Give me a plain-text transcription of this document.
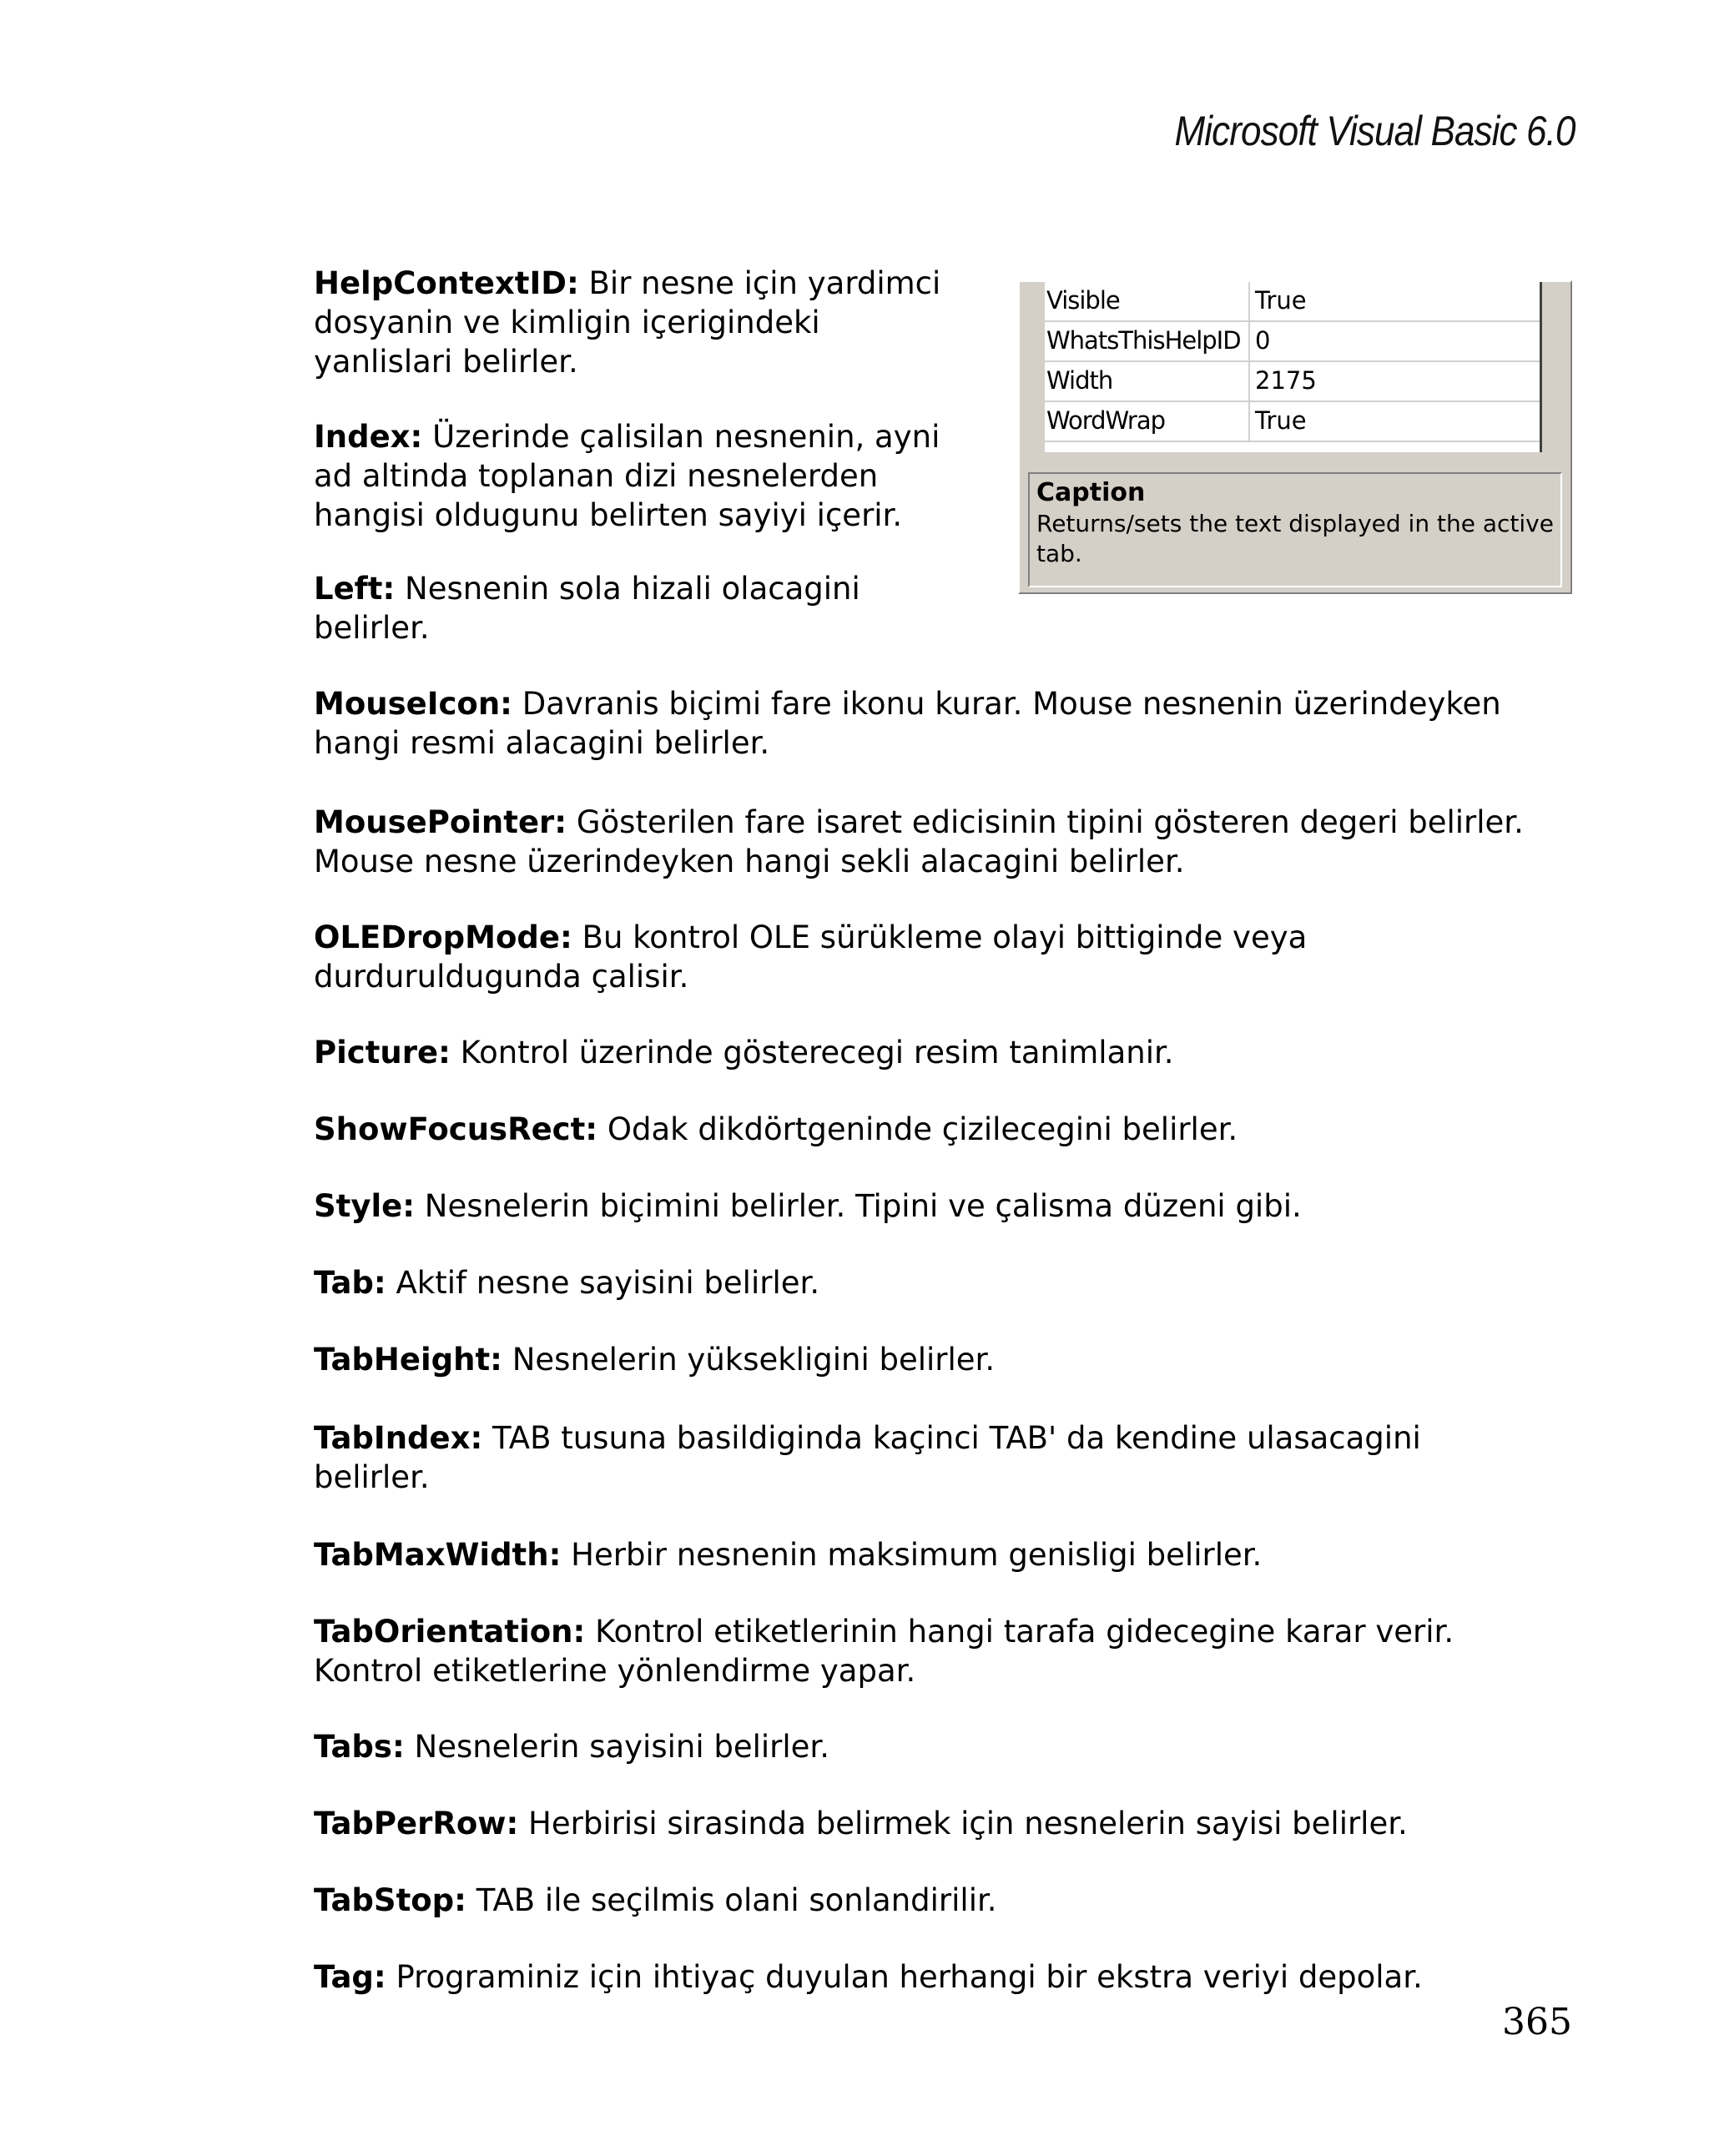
Microsoft Visual Basic 6.0
Visible	True
WhatsThisHelpID 0
Width	2175
WordWrap	True
Caption
Returns/sets the text displayed in the active tab.
HelpContextID: Bir nesne için yardimci
dosyanin ve kimligin içerigindeki
yanlislari belirler.
Index: Üzerinde çalisilan nesnenin, ayni
ad altinda toplanan dizi nesnelerden
hangisi oldugunu belirten sayiyi içerir.
Left: Nesnenin sola hizali olacagini
belirler.
MouseIcon: Davranis biçimi fare ikonu kurar. Mouse nesnenin üzerindeyken
hangi resmi alacagini belirler.
MousePointer: Gösterilen fare isaret edicisinin tipini gösteren degeri belirler.
Mouse nesne üzerindeyken hangi sekli alacagini belirler.
OLEDropMode: Bu kontrol OLE sürükleme olayi bittiginde veya
durduruldugunda çalisir.
Picture: Kontrol üzerinde gösterecegi resim tanimlanir.
ShowFocusRect: Odak dikdörtgeninde çizilecegini belirler.
Style: Nesnelerin biçimini belirler. Tipini ve çalisma düzeni gibi.
Tab: Aktif nesne sayisini belirler.
TabHeight: Nesnelerin yüksekligini belirler.
TabIndex: TAB tusuna basildiginda kaçinci TAB' da kendine ulasacagini
belirler.
TabMaxWidth: Herbir nesnenin maksimum genisligi belirler.
TabOrientation: Kontrol etiketlerinin hangi tarafa gidecegine karar verir.
Kontrol etiketlerine yönlendirme yapar.
Tabs: Nesnelerin sayisini belirler.
TabPerRow: Herbirisi sirasinda belirmek için nesnelerin sayisi belirler.
TabStop: TAB ile seçilmis olani sonlandirilir.
Tag: Programiniz için ihtiyaç duyulan herhangi bir ekstra veriyi depolar.
365
